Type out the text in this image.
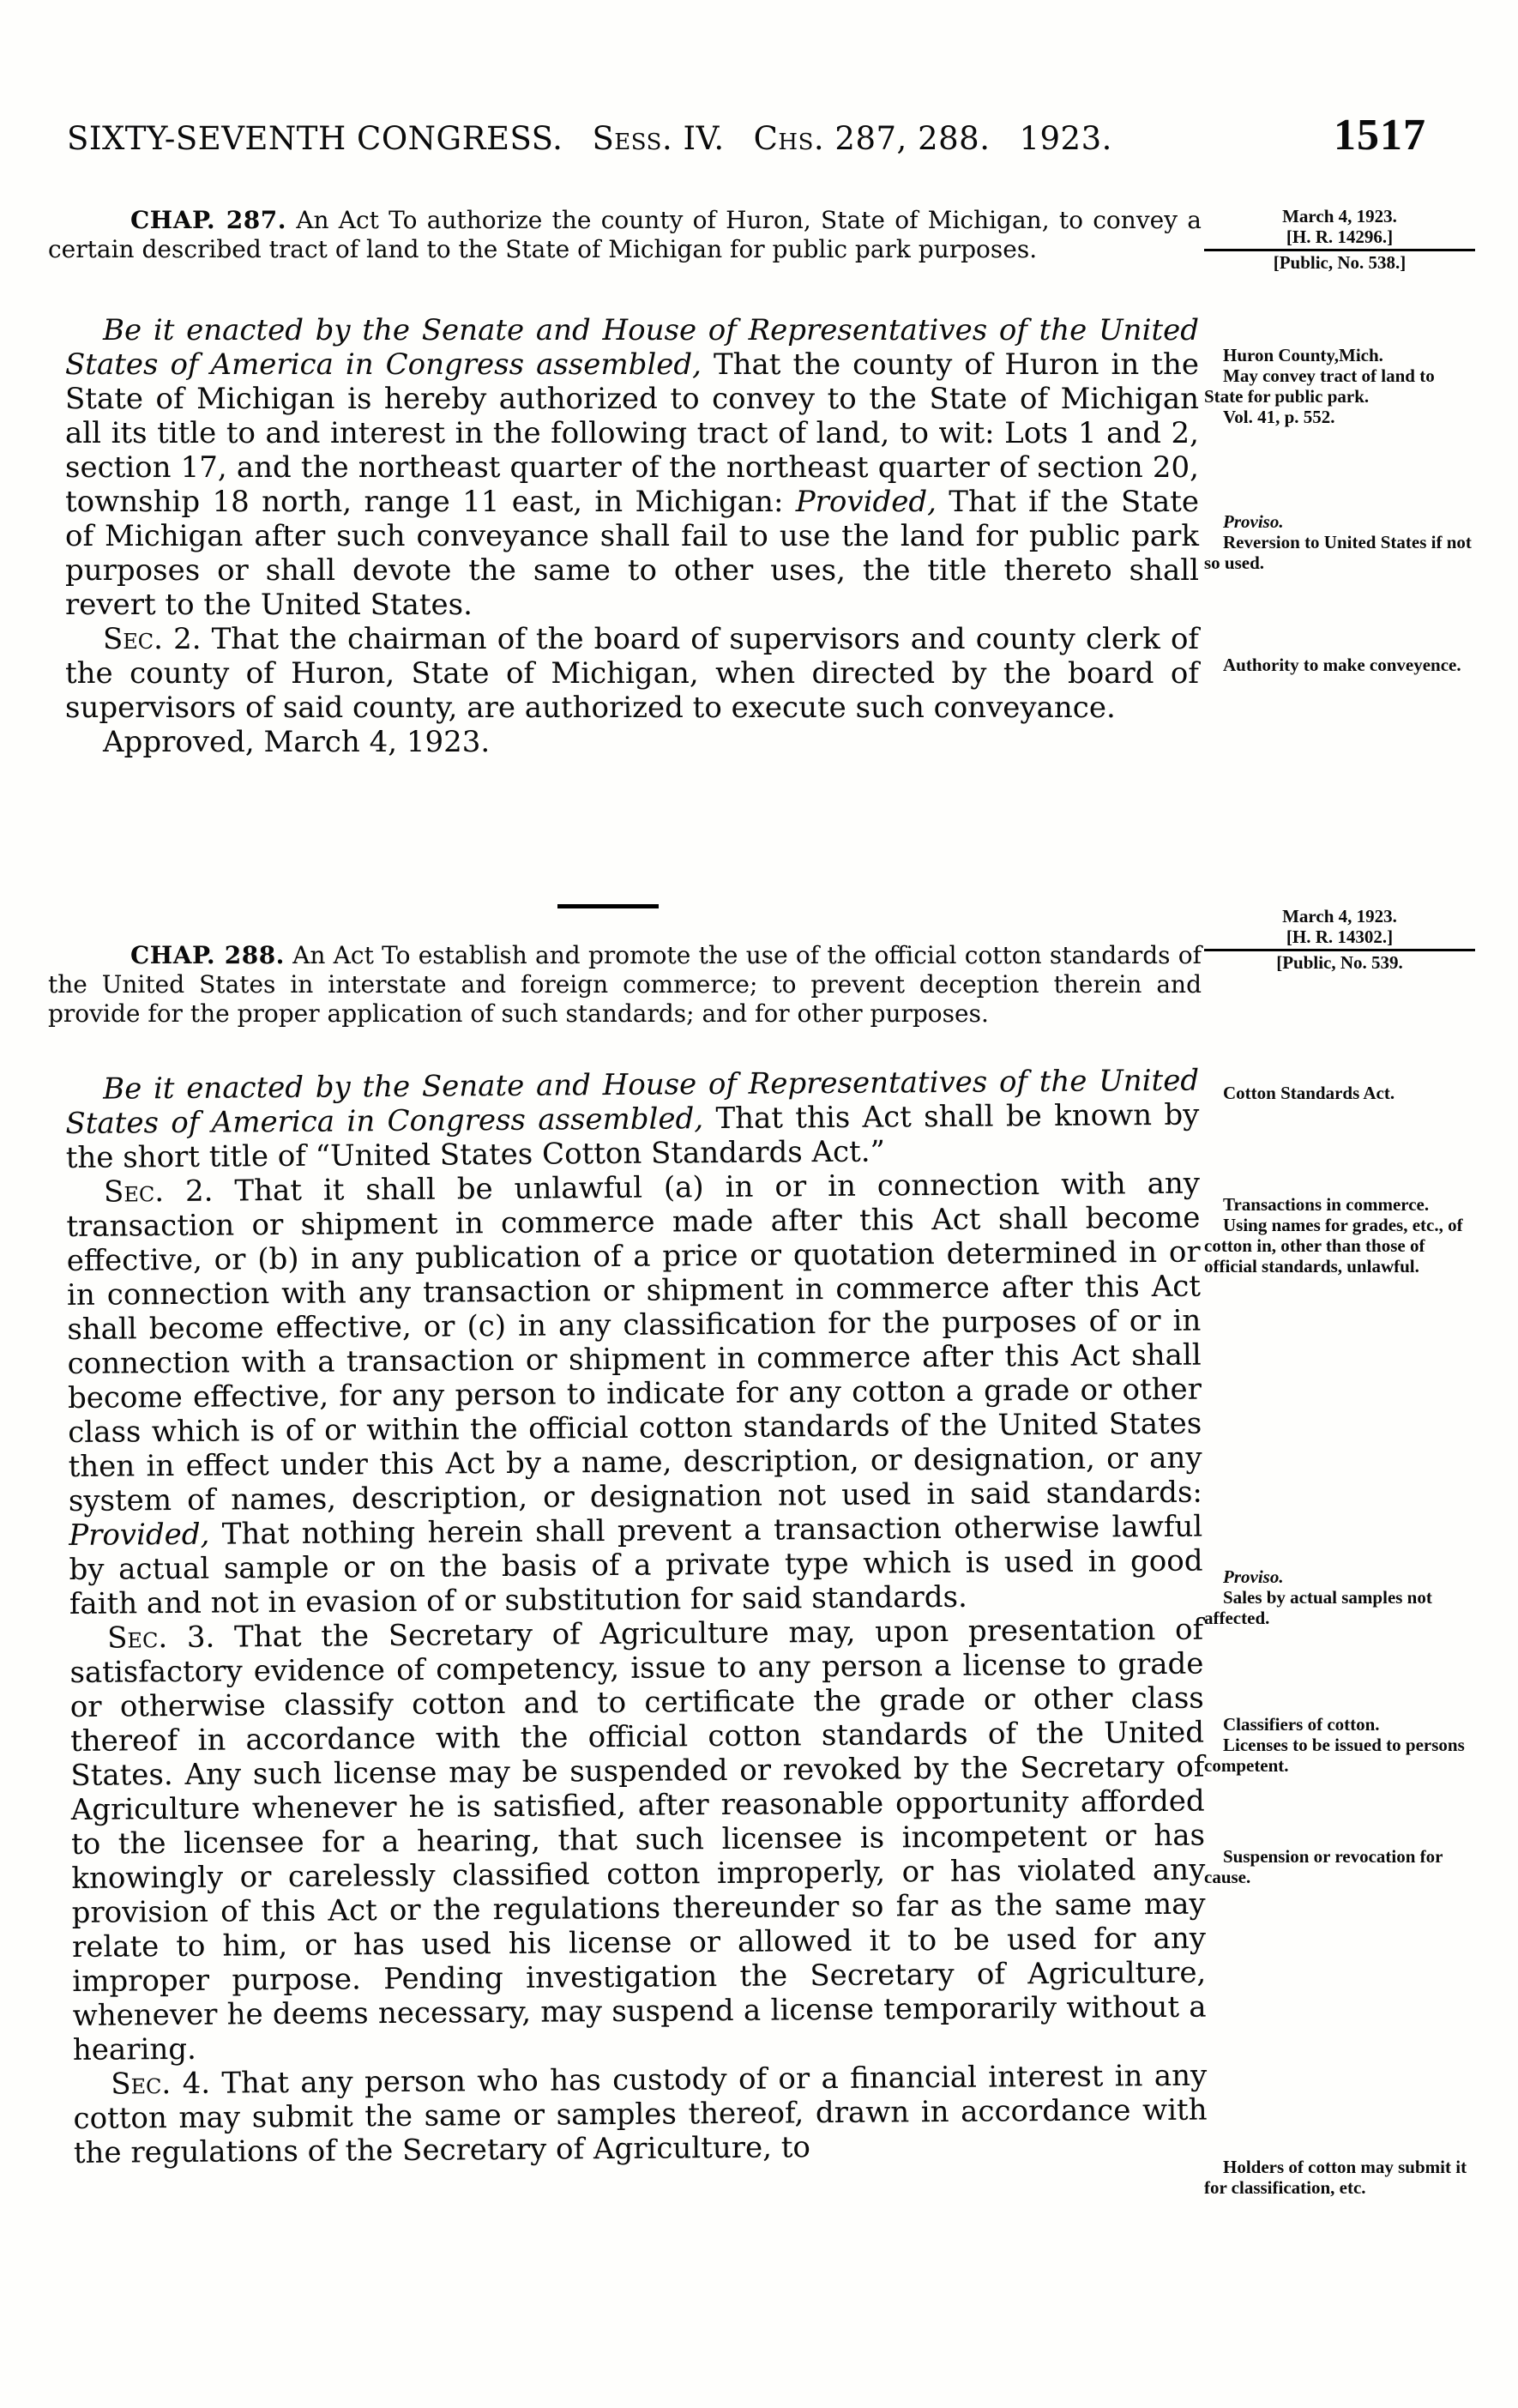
SIXTY-SEVENTH CONGRESS. Sess. IV. Chs. 287, 288. 1923.	1517
CHAP. 287. An Act To authorize the county of Huron, State of Michigan, to convey a certain described tract of land to the State of Michigan for public park purposes.

Be it enacted by the Senate and House of Representatives of the United States of America in Congress assembled, That the county of Huron in the State of Michigan is hereby authorized to convey to the State of Michigan all its title to and interest in the following tract of land, to wit: Lots 1 and 2, section 17, and the northeast quarter of the northeast quarter of section 20, township 18 north, range 11 east, in Michigan: Provided, That if the State of Michigan after such conveyance shall fail to use the land for public park purposes or shall devote the same to other uses, the title thereto shall revert to the United States.

Sec. 2. That the chairman of the board of supervisors and county clerk of the county of Huron, State of Michigan, when directed by the board of supervisors of said county, are authorized to execute such conveyance.

Approved, March 4, 1923.

CHAP. 288. An Act To establish and promote the use of the official cotton standards of the United States in interstate and foreign commerce; to prevent deception therein and provide for the proper application of such standards; and for other purposes.

Be it enacted by the Senate and House of Representatives of the United States of America in Congress assembled, That this Act shall be known by the short title of “United States Cotton Standards Act.”

Sec. 2. That it shall be unlawful (a) in or in connection with any transaction or shipment in commerce made after this Act shall become effective, or (b) in any publication of a price or quotation determined in or in connection with any transaction or shipment in commerce after this Act shall become effective, or (c) in any classification for the purposes of or in connection with a transaction or shipment in commerce after this Act shall become effective, for any person to indicate for any cotton a grade or other class which is of or within the official cotton standards of the United States then in effect under this Act by a name, description, or designation, or any system of names, description, or designation not used in said standards: Provided, That nothing herein shall prevent a transaction otherwise lawful by actual sample or on the basis of a private type which is used in good faith and not in evasion of or substitution for said standards.

Sec. 3. That the Secretary of Agriculture may, upon presentation of satisfactory evidence of competency, issue to any person a license to grade or otherwise classify cotton and to certificate the grade or other class thereof in accordance with the official cotton standards of the United States. Any such license may be suspended or revoked by the Secretary of Agriculture whenever he is satisfied, after reasonable opportunity afforded to the licensee for a hearing, that such licensee is incompetent or has knowingly or carelessly classified cotton improperly, or has violated any provision of this Act or the regulations thereunder so far as the same may relate to him, or has used his license or allowed it to be used for any improper purpose. Pending investigation the Secretary of Agriculture, whenever he deems necessary, may suspend a license temporarily without a hearing.

Sec. 4. That any person who has custody of or a financial interest in any cotton may submit the same or samples thereof, drawn in accordance with the regulations of the Secretary of Agriculture, to

March 4, 1923.

[H. R. 14296.]

[Public, No. 538.]

Huron County,Mich.

May convey tract of land to State for public park.

Vol. 41, p. 552.

Proviso.

Reversion to United States if not so used.

Authority to make conveyence.

March 4, 1923.

[H. R. 14302.]

[Public, No. 539.

Cotton Standards Act.

Transactions in commerce.

Using names for grades, etc., of cotton in, other than those of official standards, unlawful.

Proviso.

Sales by actual samples not affected.

Classifiers of cotton.

Licenses to be issued to persons competent.

Suspension or revocation for cause.

Holders of cotton may submit it for classification, etc.
